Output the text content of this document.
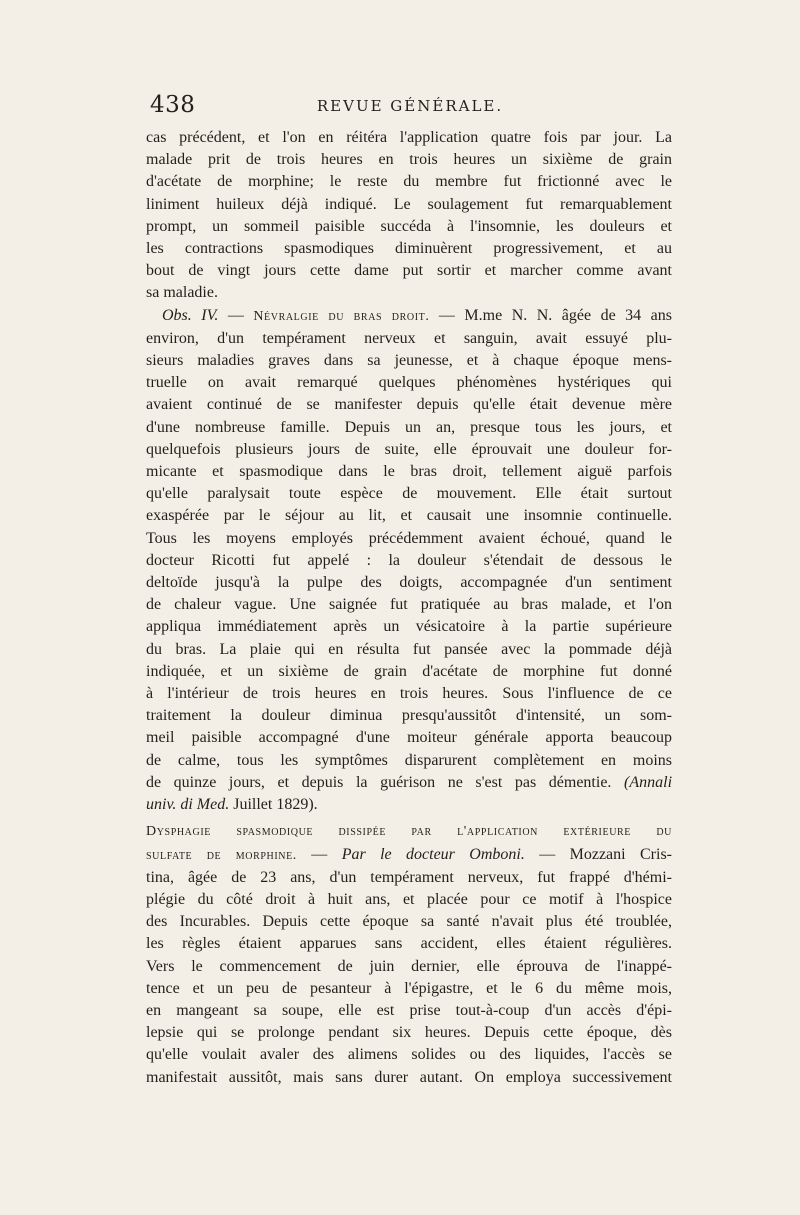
438	REVUE GÉNÉRALE.
cas précédent, et l'on en réitéra l'application quatre fois par jour. La
malade prit de trois heures en trois heures un sixième de grain
d'acétate de morphine; le reste du membre fut frictionné avec le
liniment huileux déjà indiqué. Le soulagement fut remarquablement
prompt, un sommeil paisible succéda à l'insomnie, les douleurs et
les contractions spasmodiques diminuèrent progressivement, et au
bout de vingt jours cette dame put sortir et marcher comme avant
sa maladie.
Obs. IV. — Névralgie du bras droit. — M.me N. N. âgée de 34 ans
environ, d'un tempérament nerveux et sanguin, avait essuyé plu-
sieurs maladies graves dans sa jeunesse, et à chaque époque mens-
truelle on avait remarqué quelques phénomènes hystériques qui
avaient continué de se manifester depuis qu'elle était devenue mère
d'une nombreuse famille. Depuis un an, presque tous les jours, et
quelquefois plusieurs jours de suite, elle éprouvait une douleur for-
micante et spasmodique dans le bras droit, tellement aiguë parfois
qu'elle paralysait toute espèce de mouvement. Elle était surtout
exaspérée par le séjour au lit, et causait une insomnie continuelle.
Tous les moyens employés précédemment avaient échoué, quand le
docteur Ricotti fut appelé : la douleur s'étendait de dessous le
deltoïde jusqu'à la pulpe des doigts, accompagnée d'un sentiment
de chaleur vague. Une saignée fut pratiquée au bras malade, et l'on
appliqua immédiatement après un vésicatoire à la partie supérieure
du bras. La plaie qui en résulta fut pansée avec la pommade déjà
indiquée, et un sixième de grain d'acétate de morphine fut donné
à l'intérieur de trois heures en trois heures. Sous l'influence de ce
traitement la douleur diminua presqu'aussitôt d'intensité, un som-
meil paisible accompagné d'une moiteur générale apporta beaucoup
de calme, tous les symptômes disparurent complètement en moins
de quinze jours, et depuis la guérison ne s'est pas démentie. (Annali
univ. di Med. Juillet 1829).
Dysphagie spasmodique dissipée par l'application extérieure du
sulfate de morphine. — Par le docteur Omboni. — Mozzani Cris-
tina, âgée de 23 ans, d'un tempérament nerveux, fut frappé d'hémi-
plégie du côté droit à huit ans, et placée pour ce motif à l'hospice
des Incurables. Depuis cette époque sa santé n'avait plus été troublée,
les règles étaient apparues sans accident, elles étaient régulières.
Vers le commencement de juin dernier, elle éprouva de l'inappé-
tence et un peu de pesanteur à l'épigastre, et le 6 du même mois,
en mangeant sa soupe, elle est prise tout-à-coup d'un accès d'épi-
lepsie qui se prolonge pendant six heures. Depuis cette époque, dès
qu'elle voulait avaler des alimens solides ou des liquides, l'accès se
manifestait aussitôt, mais sans durer autant. On employa successivement
